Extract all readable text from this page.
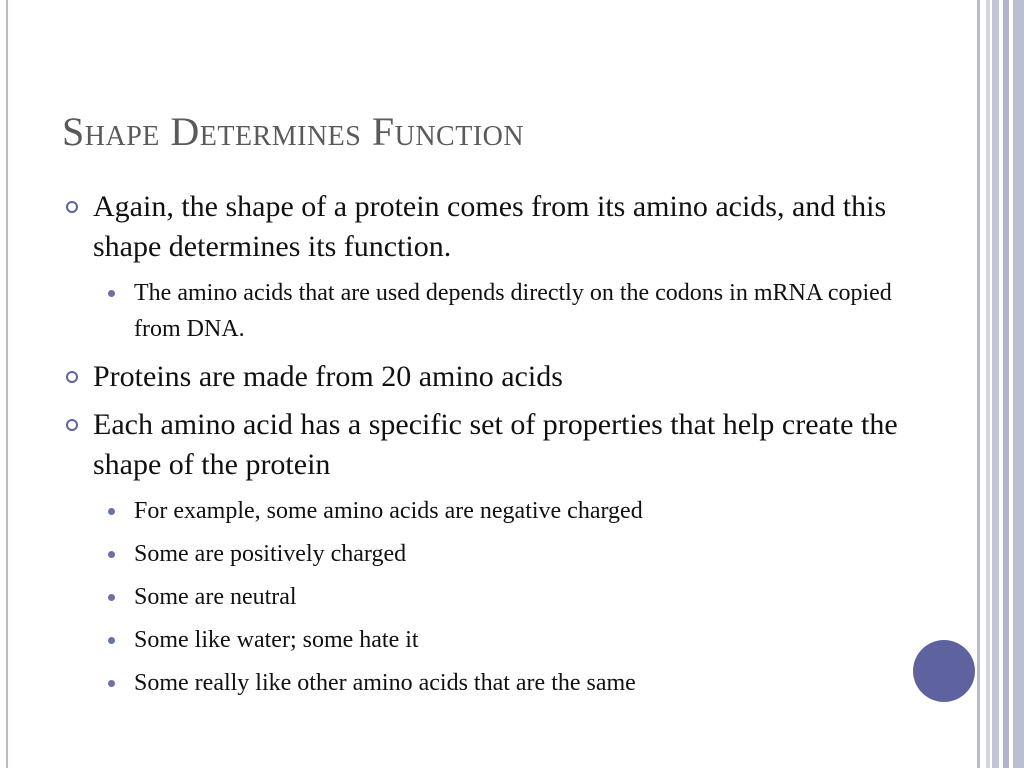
Shape Determines Function
Again, the shape of a protein comes from its amino acids, and this shape determines its function.
The amino acids that are used depends directly on the codons in mRNA copied from DNA.
Proteins are made from 20 amino acids
Each amino acid has a specific set of properties that help create the shape of the protein
For example, some amino acids are negative charged
Some are positively charged
Some are neutral
Some like water; some hate it
Some really like other amino acids that are the same
